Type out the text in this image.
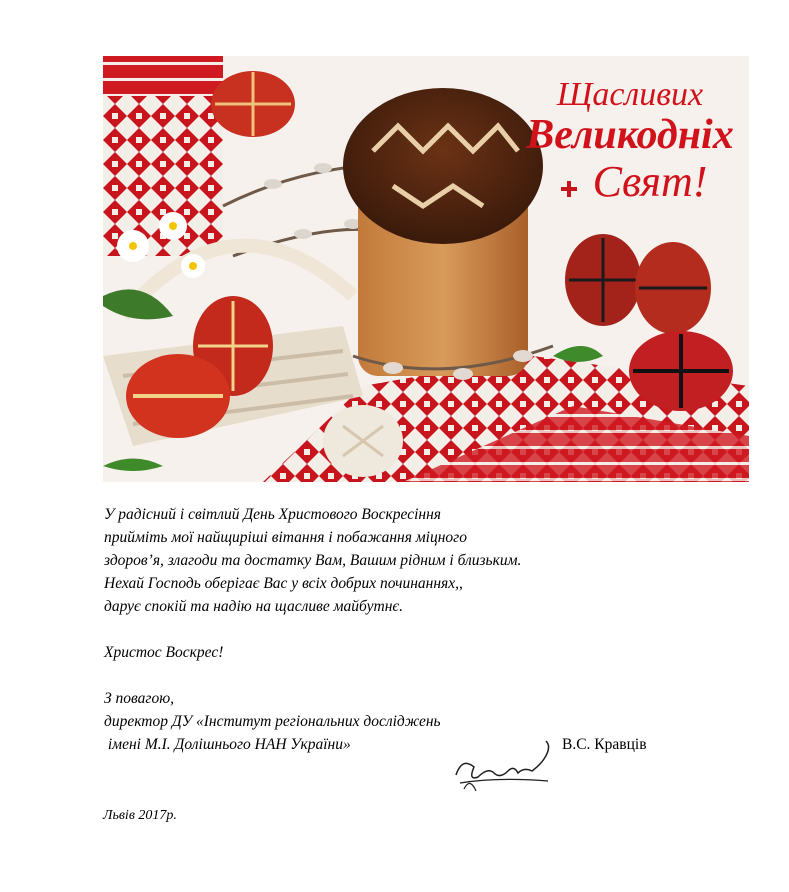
Щасливих
Великодніх
Свят!

У радісний і світлий День Христового Воскресіння

прийміть мої найщиріші вітання і побажання міцного

здоров’я, злагоди та достатку Вам, Вашим рідним і близьким.

Нехай Господь оберігає Вас у всіх добрих починаннях,,

дарує спокій та надію на щасливе майбутнє.

Христос Воскрес!

З повагою,

директор ДУ «Інститут регіональних досліджень

імені М.І. Долішнього НАН України»	В.С. Кравців
Львів 2017р.
